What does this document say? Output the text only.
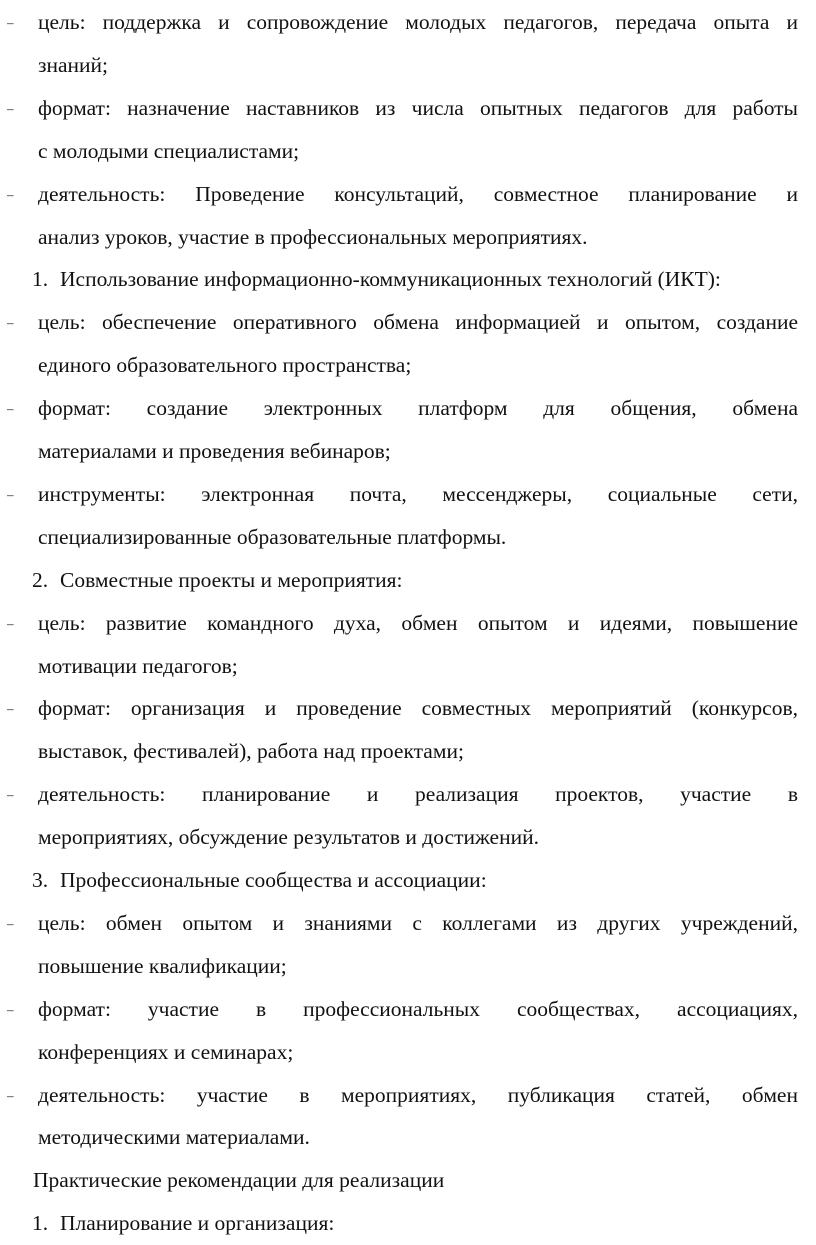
– цель: поддержка и сопровождение молодых педагогов, передача опыта и
знаний;
– формат: назначение наставников из числа опытных педагогов для работы
с молодыми специалистами;
– деятельность: Проведение консультаций, совместное планирование и
анализ уроков, участие в профессиональных мероприятиях.
1. Использование информационно-коммуникационных технологий (ИКТ):
– цель: обеспечение оперативного обмена информацией и опытом, создание
единого образовательного пространства;
– формат: создание электронных платформ для общения, обмена
материалами и проведения вебинаров;
– инструменты: электронная почта, мессенджеры, социальные сети,
специализированные образовательные платформы.
2. Совместные проекты и мероприятия:
– цель: развитие командного духа, обмен опытом и идеями, повышение
мотивации педагогов;
– формат: организация и проведение совместных мероприятий (конкурсов,
выставок, фестивалей), работа над проектами;
– деятельность: планирование и реализация проектов, участие в
мероприятиях, обсуждение результатов и достижений.
3. Профессиональные сообщества и ассоциации:
– цель: обмен опытом и знаниями с коллегами из других учреждений,
повышение квалификации;
– формат: участие в профессиональных сообществах, ассоциациях,
конференциях и семинарах;
– деятельность: участие в мероприятиях, публикация статей, обмен
методическими материалами.
Практические рекомендации для реализации
1. Планирование и организация:
